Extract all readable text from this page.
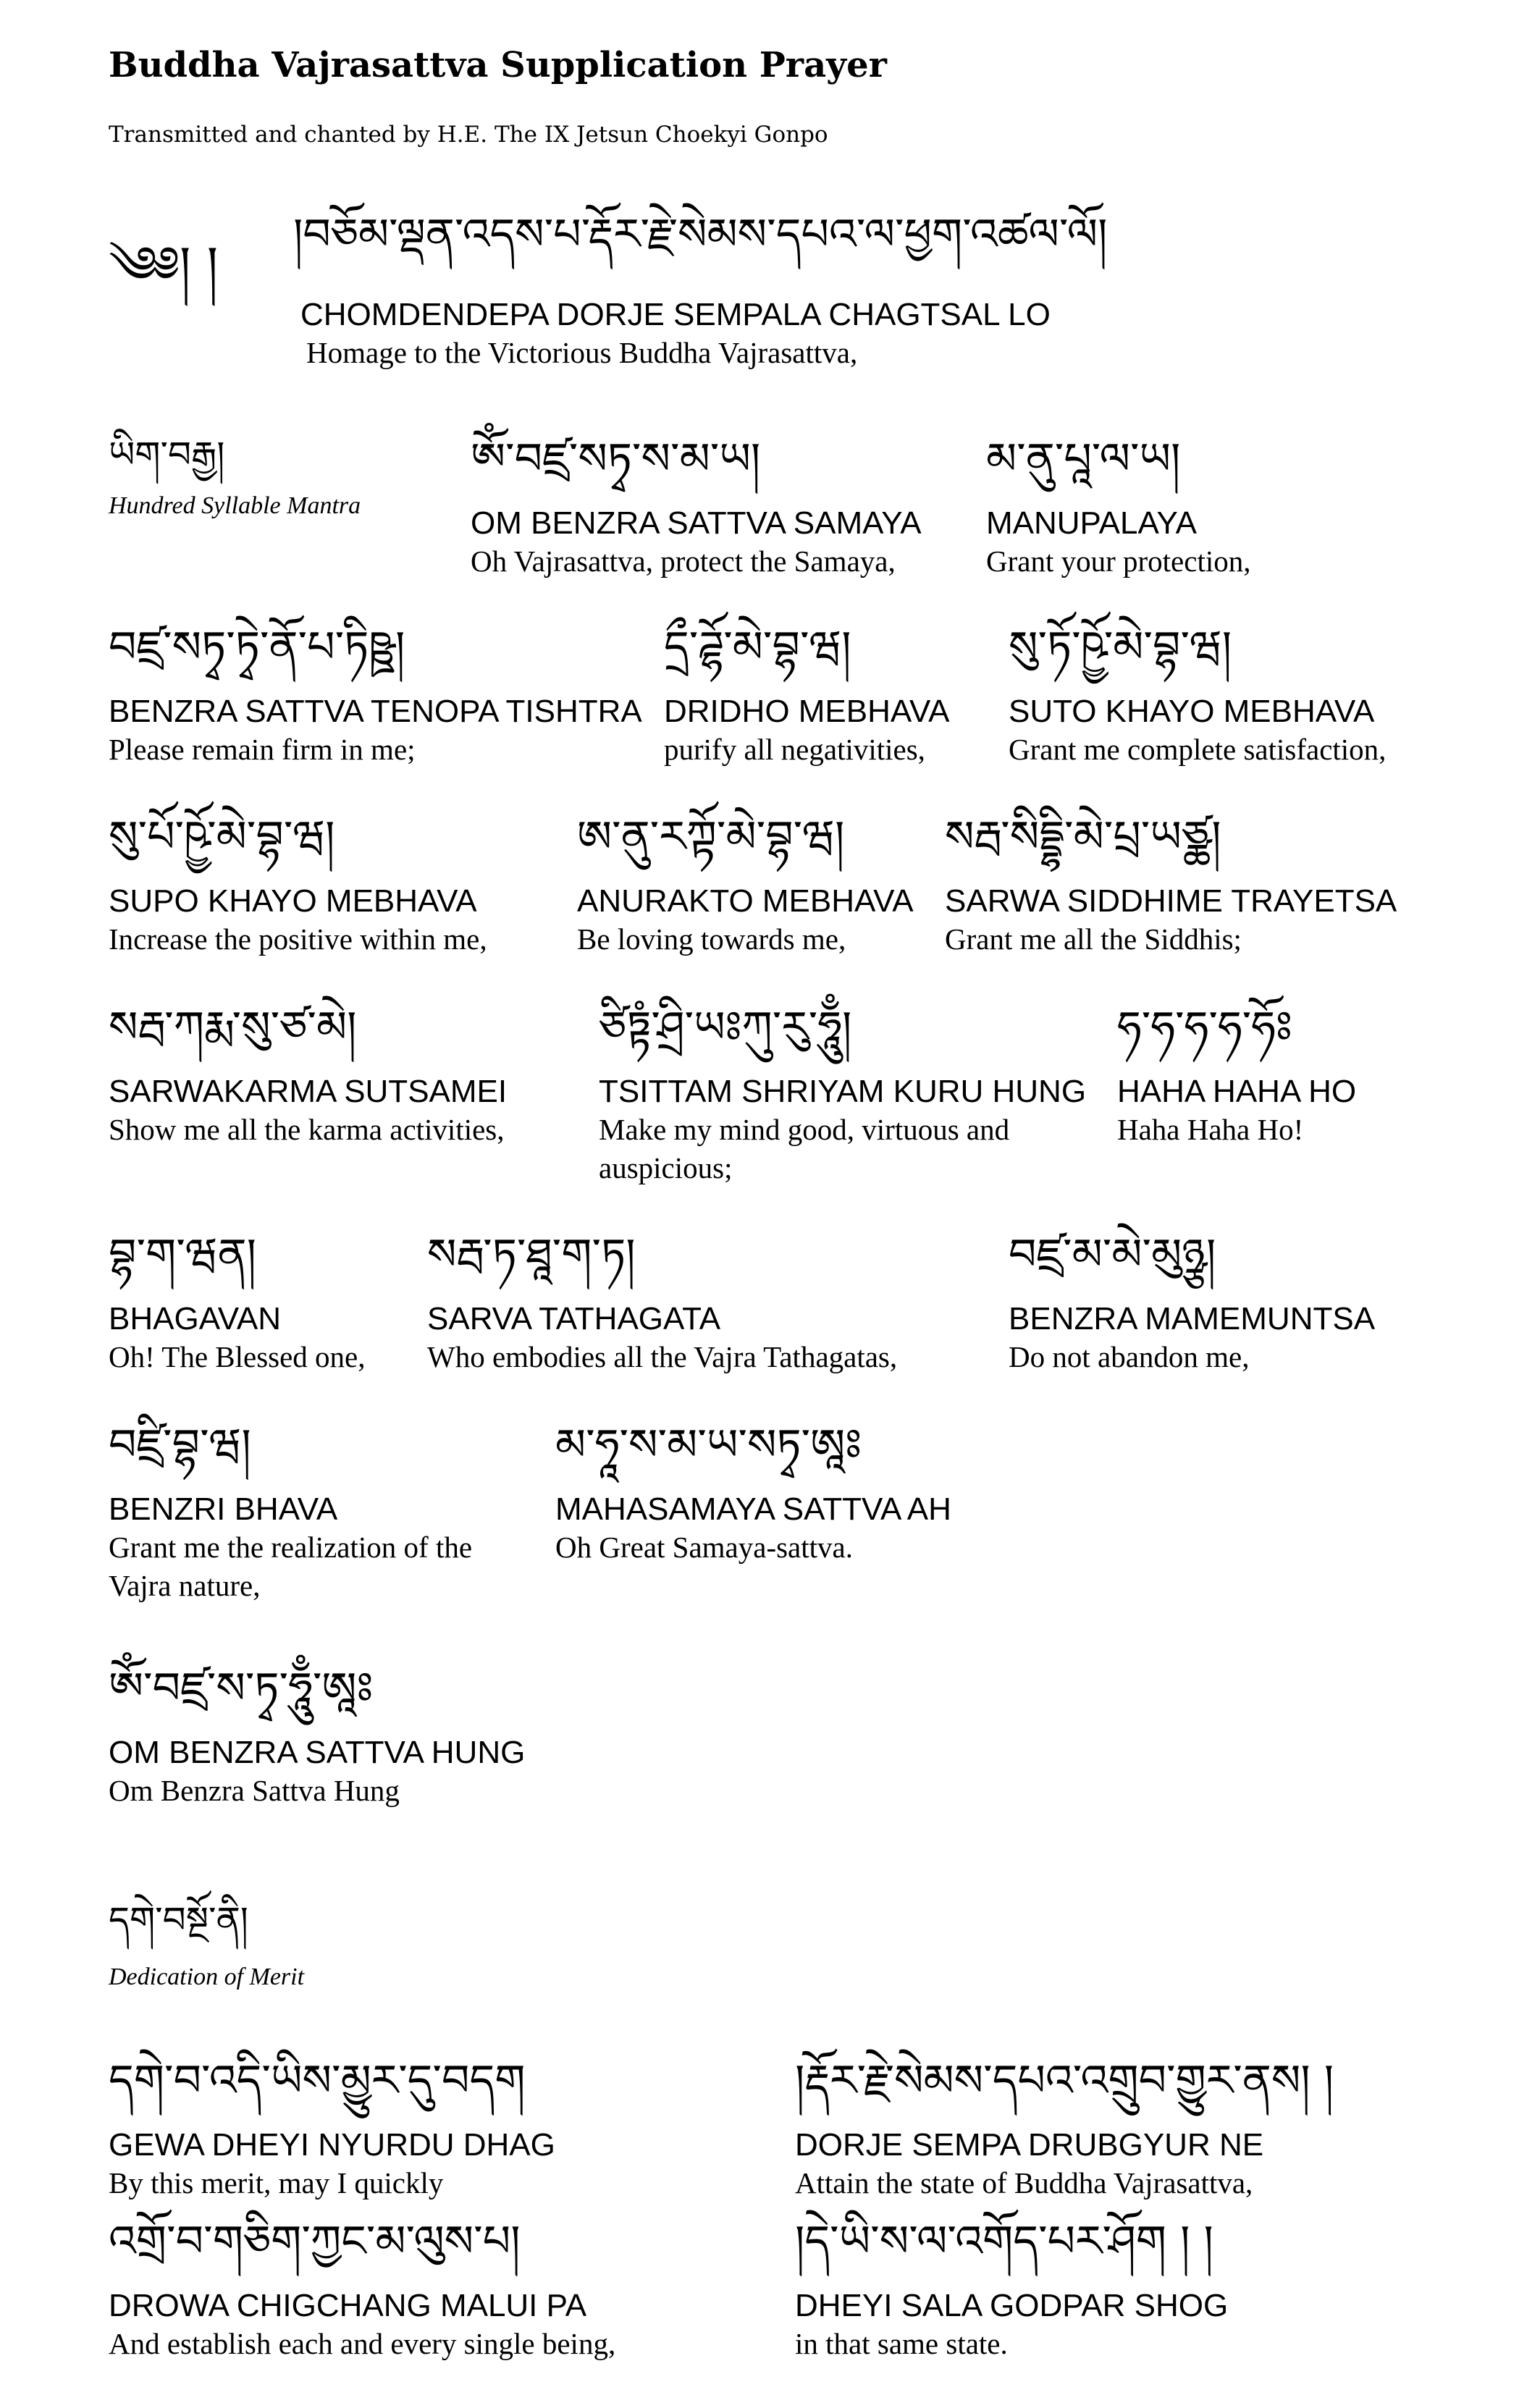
Buddha Vajrasattva Supplication Prayer
Transmitted and chanted by H.E. The IX Jetsun Choekyi Gonpo
༄༅། །
།བཅོམ་ལྡན་འདས་པ་རྡོར་རྗེ་སེམས་དཔའ་ལ་ཕྱག་འཚལ་ལོ།
CHOMDENDEPA DORJE SEMPALA CHAGTSAL LO
Homage to the Victorious Buddha Vajrasattva,
ཡིག་བརྒྱ།
Hundred Syllable Mantra
ཨོཾ་བཛྲ་སཏྭ་ས་མ་ཡ།
OM BENZRA SATTVA SAMAYA
Oh Vajrasattva, protect the Samaya,
མ་ནུ་པཱ་ལ་ཡ།
MANUPALAYA
Grant your protection,
བཛྲ་སཏྭ་ཏྭེ་ནོ་པ་ཏིཥྛ།
BENZRA SATTVA TENOPA TISHTRA
Please remain firm in me;
དྲྀ་ཌྷོ་མེ་བྷ་ཝ།
DRIDHO MEBHAVA
purify all negativities,
སུ་ཏོ་ཥྱོ་མེ་བྷ་ཝ།
SUTO KHAYO MEBHAVA
Grant me complete satisfaction,
སུ་པོ་ཥྱོ་མེ་བྷ་ཝ།
SUPO KHAYO MEBHAVA
Increase the positive within me,
ཨ་ནུ་རཀྟོ་མེ་བྷ་ཝ།
ANURAKTO MEBHAVA
Be loving towards me,
སརྦ་སིདྡྷི་མེ་པྲ་ཡཙྪ།
SARWA SIDDHIME TRAYETSA
Grant me all the Siddhis;
སརྦ་ཀརྨ་སུ་ཙ་མེ།
SARWAKARMA SUTSAMEI
Show me all the karma activities,
ཙིཏྟཾ་ཤྲི་ཡཿཀུ་རུ་ཧཱུྃ།
TSITTAM SHRIYAM KURU HUNG
Make my mind good, virtuous and auspicious;
ཧ་ཧ་ཧ་ཧ་ཧོཿ
HAHA HAHA HO
Haha Haha Ho!
བྷ་ག་ཝན།
BHAGAVAN
Oh! The Blessed one,
སརྦ་ཏ་ཐཱ་ག་ཏ།
SARVA TATHAGATA
Who embodies all the Vajra Tathagatas,
བཛྲ་མ་མེ་མུཉྩ།
BENZRA MAMEMUNTSA
Do not abandon me,
བཛྲི་བྷ་ཝ།
BENZRI BHAVA
Grant me the realization of the Vajra nature,
མ་ཧཱ་ས་མ་ཡ་སཏྭ་ཨཱཿ
MAHASAMAYA SATTVA AH
Oh Great Samaya-sattva.
ཨོཾ་བཛྲ་ས་ཏྭ་ཧཱུྃ་ཨཱཿ
OM BENZRA SATTVA HUNG
Om Benzra Sattva Hung
དགེ་བསྔོ་ནི།
Dedication of Merit
དགེ་བ་འདི་ཡིས་མྱུར་དུ་བདག
GEWA DHEYI NYURDU DHAG
By this merit, may I quickly
།རྡོར་རྗེ་སེམས་དཔའ་འགྲུབ་གྱུར་ནས། །
DORJE SEMPA DRUBGYUR NE
Attain the state of Buddha Vajrasattva,
འགྲོ་བ་གཅིག་ཀྱང་མ་ལུས་པ།
DROWA CHIGCHANG MALUI PA
And establish each and every single being,
།དེ་ཡི་ས་ལ་འགོད་པར་ཤོག ། །
DHEYI SALA GODPAR SHOG
in that same state.
